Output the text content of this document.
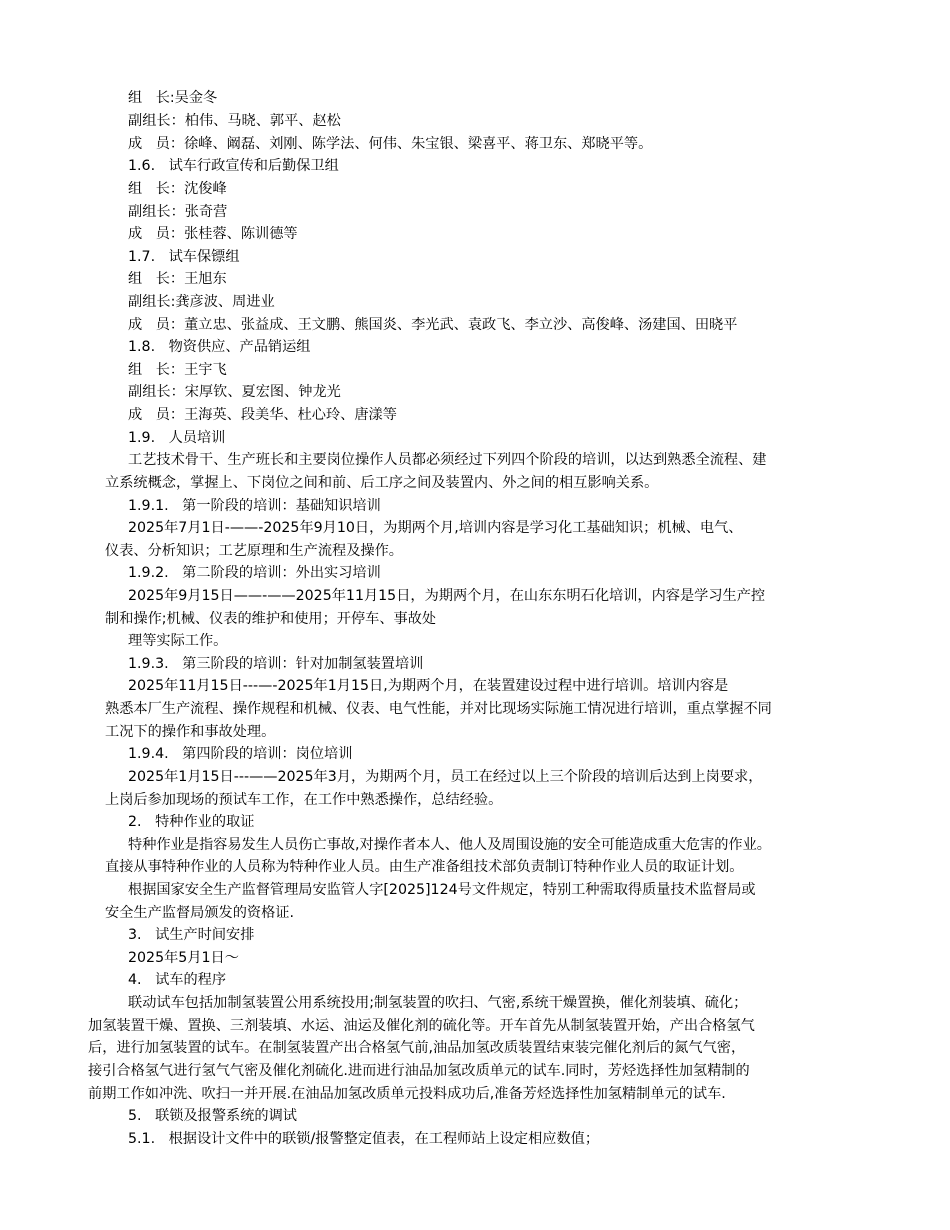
组   长:吴金冬

副组长：柏伟、马晓、郭平、赵松

成   员：徐峰、阚磊、刘刚、陈学法、何伟、朱宝银、梁喜平、蒋卫东、郑晓平等。

1.6.   试车行政宣传和后勤保卫组

组   长：沈俊峰

副组长：张奇营

成   员：张桂蓉、陈训德等

1.7.   试车保镖组

组   长：王旭东

副组长:龚彦波、周进业

成   员：董立忠、张益成、王文鹏、熊国炎、李光武、袁政飞、李立沙、高俊峰、汤建国、田晓平

1.8.   物资供应、产品销运组

组   长：王宇飞

副组长：宋厚钦、夏宏图、钟龙光

成   员：王海英、段美华、杜心玲、唐漾等

1.9.   人员培训

工艺技术骨干、生产班长和主要岗位操作人员都必须经过下列四个阶段的培训，以达到熟悉全流程、建

立系统概念，掌握上、下岗位之间和前、后工序之间及装置内、外之间的相互影响关系。

1.9.1.   第一阶段的培训：基础知识培训

2025年7月1日-——-2025年9月10日，为期两个月,培训内容是学习化工基础知识；机械、电气、

仪表、分析知识；工艺原理和生产流程及操作。

1.9.2.   第二阶段的培训：外出实习培训

2025年9月15日——-——2025年11月15日，为期两个月，在山东东明石化培训，内容是学习生产控

制和操作;机械、仪表的维护和使用；开停车、事故处

理等实际工作。

1.9.3.   第三阶段的培训：针对加制氢装置培训

2025年11月15日---—-2025年1月15日,为期两个月，在装置建设过程中进行培训。培训内容是

熟悉本厂生产流程、操作规程和机械、仪表、电气性能，并对比现场实际施工情况进行培训，重点掌握不同

工况下的操作和事故处理。

1.9.4.   第四阶段的培训：岗位培训

2025年1月15日---——2025年3月，为期两个月，员工在经过以上三个阶段的培训后达到上岗要求，

上岗后参加现场的预试车工作，在工作中熟悉操作，总结经验。

2.   特种作业的取证

特种作业是指容易发生人员伤亡事故,对操作者本人、他人及周围设施的安全可能造成重大危害的作业。

直接从事特种作业的人员称为特种作业人员。由生产准备组技术部负责制订特种作业人员的取证计划。

根据国家安全生产监督管理局安监管人字[2025]124号文件规定，特别工种需取得质量技术监督局或

安全生产监督局颁发的资格证.

3.   试生产时间安排

2025年5月1日～

4.   试车的程序

联动试车包括加制氢装置公用系统投用;制氢装置的吹扫、气密,系统干燥置换，催化剂装填、硫化；

加氢装置干燥、置换、三剂装填、水运、油运及催化剂的硫化等。开车首先从制氢装置开始，产出合格氢气

后，进行加氢装置的试车。在制氢装置产出合格氢气前,油品加氢改质装置结束装完催化剂后的氮气气密，

接引合格氢气进行氢气气密及催化剂硫化.进而进行油品加氢改质单元的试车.同时，芳烃选择性加氢精制的

前期工作如冲洗、吹扫一并开展.在油品加氢改质单元投料成功后,准备芳烃选择性加氢精制单元的试车.

5.   联锁及报警系统的调试

5.1.   根据设计文件中的联锁/报警整定值表，在工程师站上设定相应数值；
